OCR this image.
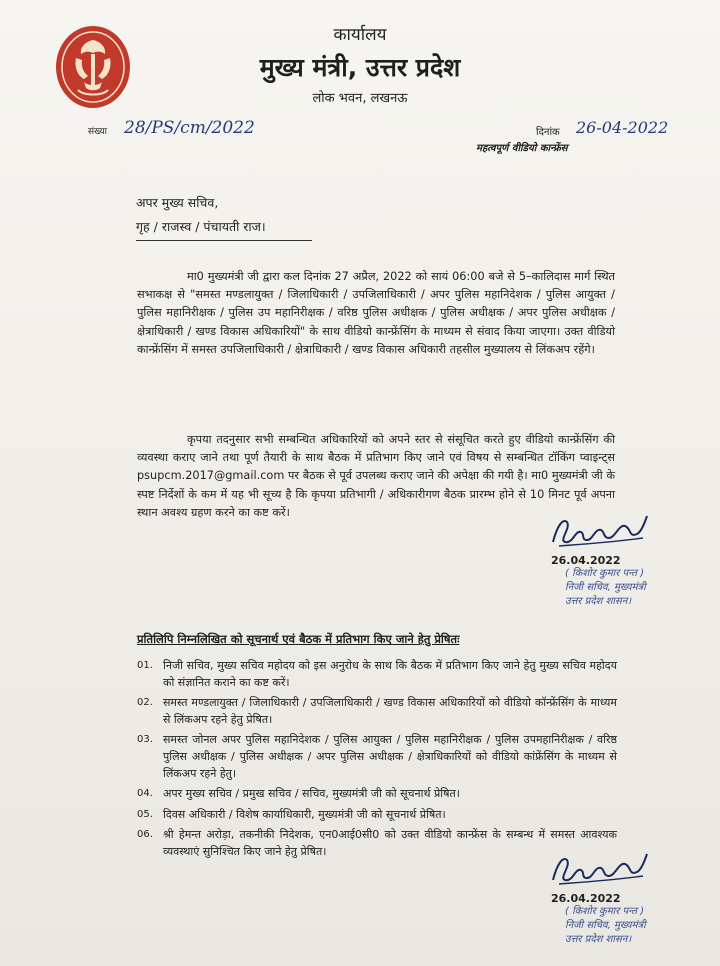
कार्यालय
मुख्य मंत्री, उत्तर प्रदेश
लोक भवन, लखनऊ
संख्या 28/PS/cm/2022	दिनांक 26-04-2022
महत्वपूर्ण वीडियो कान्फ्रेंस
अपर मुख्य सचिव,
गृह / राजस्व / पंचायती राज।
मा0 मुख्यमंत्री जी द्वारा कल दिनांक 27 अप्रैल, 2022 को सायं 06:00 बजे से 5–कालिदास मार्ग स्थित सभाकक्ष से "समस्त मण्डलायुक्त / जिलाधिकारी / उपजिलाधिकारी / अपर पुलिस महानिदेशक / पुलिस आयुक्त / पुलिस महानिरीक्षक / पुलिस उप महानिरीक्षक / वरिष्ठ पुलिस अधीक्षक / पुलिस अधीक्षक / अपर पुलिस अधीक्षक / क्षेत्राधिकारी / खण्ड विकास अधिकारियों" के साथ वीडियो कान्फ्रेंसिंग के माध्यम से संवाद किया जाएगा। उक्त वीडियो कान्फ्रेंसिंग में समस्त उपजिलाधिकारी / क्षेत्राधिकारी / खण्ड विकास अधिकारी तहसील मुख्यालय से लिंकअप रहेंगे।
कृपया तदनुसार सभी सम्बन्धित अधिकारियों को अपने स्तर से संसूचित करते हुए वीडियो कान्फ्रेंसिंग की व्यवस्था कराए जाने तथा पूर्ण तैयारी के साथ बैठक में प्रतिभाग किए जाने एवं विषय से सम्बन्धित टॉकिंग प्वाइन्ट्स psupcm.2017@gmail.com पर बैठक से पूर्व उपलब्ध कराए जाने की अपेक्षा की गयी है। मा0 मुख्यमंत्री जी के स्पष्ट निर्देशों के कम में यह भी सूच्य है कि कृपया प्रतिभागी / अधिकारीगण बैठक प्रारम्भ होने से 10 मिनट पूर्व अपना स्थान अवश्य ग्रहण करने का कष्ट करें।
26.04.2022
( किशोर कुमार पन्त )
निजी सचिव, मुख्यमंत्री
उत्तर प्रदेश शासन।
प्रतिलिपि निम्नलिखित को सूचनार्थ एवं बैठक में प्रतिभाग किए जाने हेतु प्रेषितः
01. निजी सचिव, मुख्य सचिव महोदय को इस अनुरोध के साथ कि बैठक में प्रतिभाग किए जाने हेतु मुख्य सचिव महोदय को संज्ञानित कराने का कष्ट करें।
02. समस्त मण्डलायुक्त / जिलाधिकारी / उपजिलाधिकारी / खण्ड विकास अधिकारियों को वीडियो कॉन्फ्रेंसिंग के माध्यम से लिंकअप रहने हेतु प्रेषित।
03. समस्त जोनल अपर पुलिस महानिदेशक / पुलिस आयुक्त / पुलिस महानिरीक्षक / पुलिस उपमहानिरीक्षक / वरिष्ठ पुलिस अधीक्षक / पुलिस अधीक्षक / अपर पुलिस अधीक्षक / क्षेत्राधिकारियों को वीडियो कांफ्रेंसिंग के माध्यम से लिंकअप रहने हेतु।
04. अपर मुख्य सचिव / प्रमुख सचिव / सचिव, मुख्यमंत्री जी को सूचनार्थ प्रेषित।
05. दिवस अधिकारी / विशेष कार्याधिकारी, मुख्यमंत्री जी को सूचनार्थ प्रेषित।
06. श्री हेमन्त अरोड़ा, तकनीकी निदेशक, एन0आई0सी0 को उक्त वीडियो कान्फ्रेंस के सम्बन्ध में समस्त आवश्यक व्यवस्थाएं सुनिश्चित किए जाने हेतु प्रेषित।
26.04.2022
( किशोर कुमार पन्त )
निजी सचिव, मुख्यमंत्री
उत्तर प्रदेश शासन।
